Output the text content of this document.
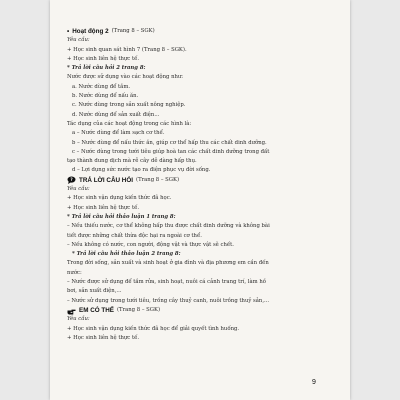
• Hoạt động 2 (Trang 8 – SGK)
Yêu cầu:
+ Học sinh quan sát hình 7 (Trang 8 – SGK).
+ Học sinh liên hệ thực tế.
* Trả lời câu hỏi 2 trang 8:
Nước được sử dụng vào các hoạt động như:
a. Nước dùng để tắm.
b. Nước dùng để nấu ăn.
c. Nước dùng trong sản xuất nông nghiệp.
d. Nước dùng để sản xuất điện...
Tác dụng của các hoạt động trong các hình là:
a – Nước dùng để làm sạch cơ thể.
b – Nước dùng để nấu thức ăn, giúp cơ thể hấp thu các chất dinh dưỡng.
c – Nước dùng trong tưới tiêu giúp hoà tan các chất dinh dưỡng trong đất
tạo thành dung dịch mà rễ cây dễ dàng hấp thụ.
d – Lợi dụng sức nước tạo ra điện phục vụ đời sống.
? TRẢ LỜI CÂU HỎI (Trang 8 – SGK)
Yêu cầu:
+ Học sinh vận dụng kiến thức đã học.
+ Học sinh liên hệ thực tế.
* Trả lời câu hỏi thảo luận 1 trang 8:
– Nếu thiếu nước, cơ thể không hấp thu được chất dinh dưỡng và không bài
tiết được những chất thừa độc hại ra ngoài cơ thể.
– Nếu không có nước, con người, động vật và thực vật sẽ chết.
* Trả lời câu hỏi thảo luận 2 trang 8:
Trong đời sống, sản xuất và sinh hoạt ở gia đình và địa phương em cần đến
nước:
– Nước được sử dụng để tắm rửa, sinh hoạt, nuôi cá cảnh trang trí, làm hồ
bơi, sản xuất điện,...
– Nước sử dụng trong tưới tiêu, trồng cây thuỷ canh, nuôi trồng thuỷ sản,...
EM CÓ THỂ (Trang 8 – SGK)
Yêu cầu:
+ Học sinh vận dụng kiến thức đã học để giải quyết tình huống.
+ Học sinh liên hệ thực tế.
9
